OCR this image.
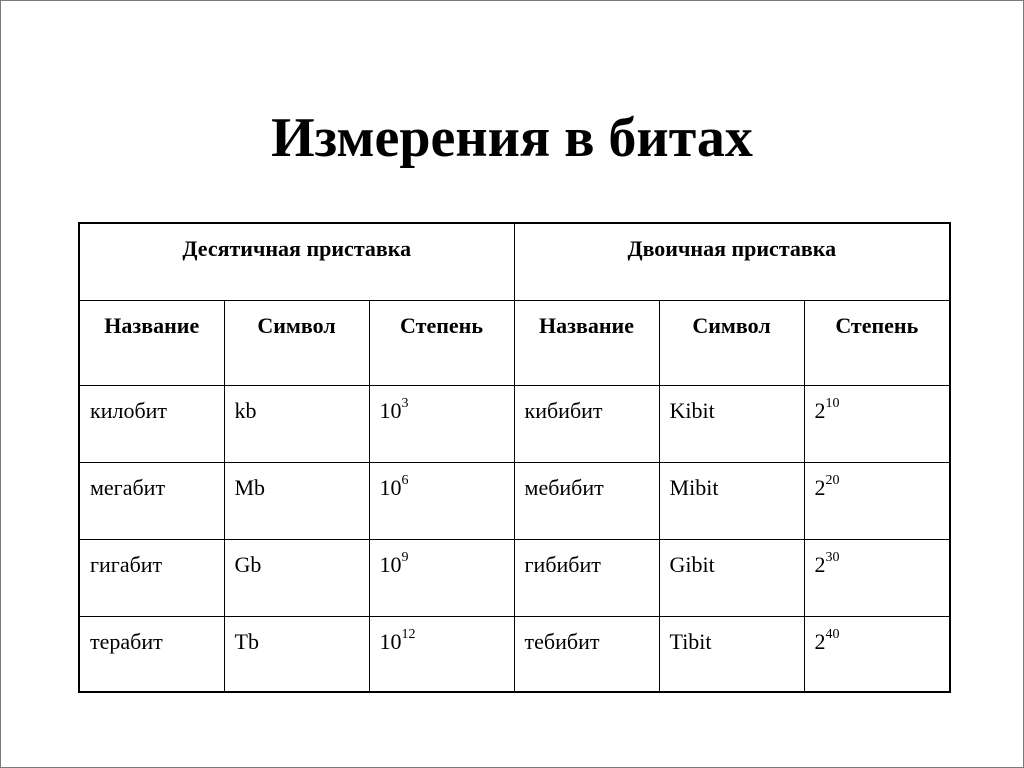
Измерения в битах
Десятичная приставка			Двоичная приставка		
Название	Символ	Степень	Название	Символ	Степень
килобит	kb	$10^3$	кибибит	Kibit	$2^{10}$
мегабит	Mb	$10^6$	мебибит	Mibit	$2^{20}$
гигабит	Gb	$10^9$	гибибит	Gibit	$2^{30}$
терабит	Tb	$10^{12}$	тебибит	Tibit	$2^{40}$
